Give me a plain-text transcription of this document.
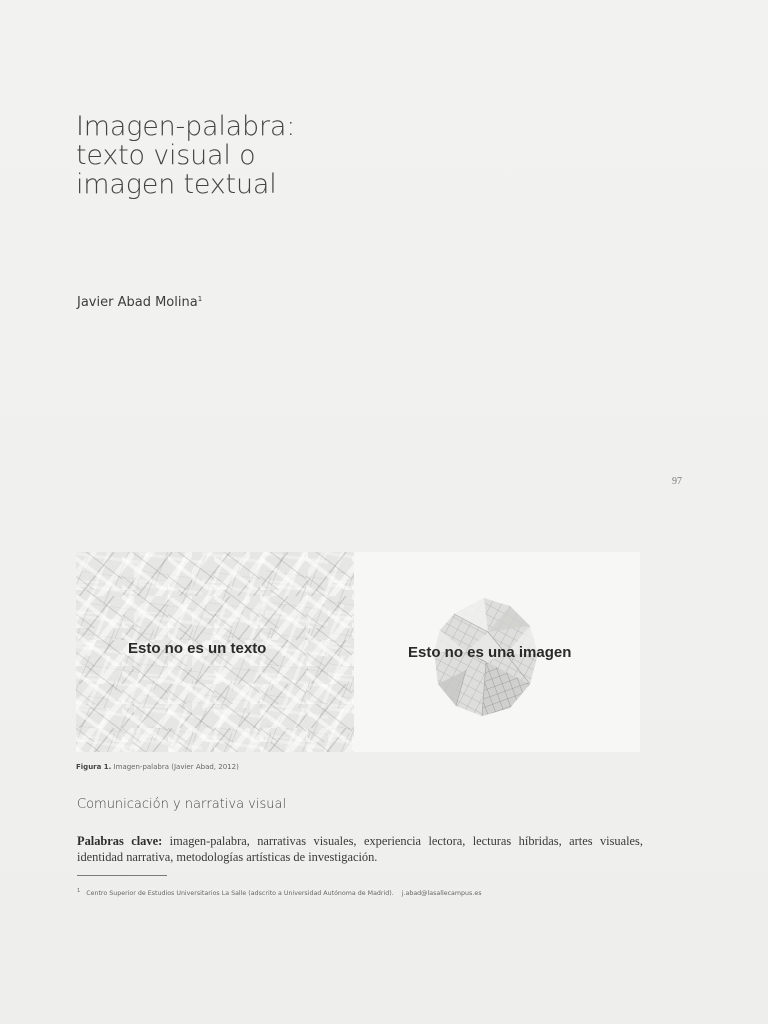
Imagen-palabra:
texto visual o
imagen textual
Javier Abad Molina$^1$
97
Esto no es un texto	Esto no es una imagen
Figura 1. Imagen-palabra (Javier Abad, 2012)
Comunicación y narrativa visual

Palabras clave: imagen-palabra, narrativas visuales, experiencia lectora, lecturas híbridas, artes visuales, identidad narrativa, metodologías artísticas de investigación.

$^1$ Centro Superior de Estudios Universitarios La Salle (adscrito a Universidad Autónoma de Madrid). j.abad@lasallecampus.es
